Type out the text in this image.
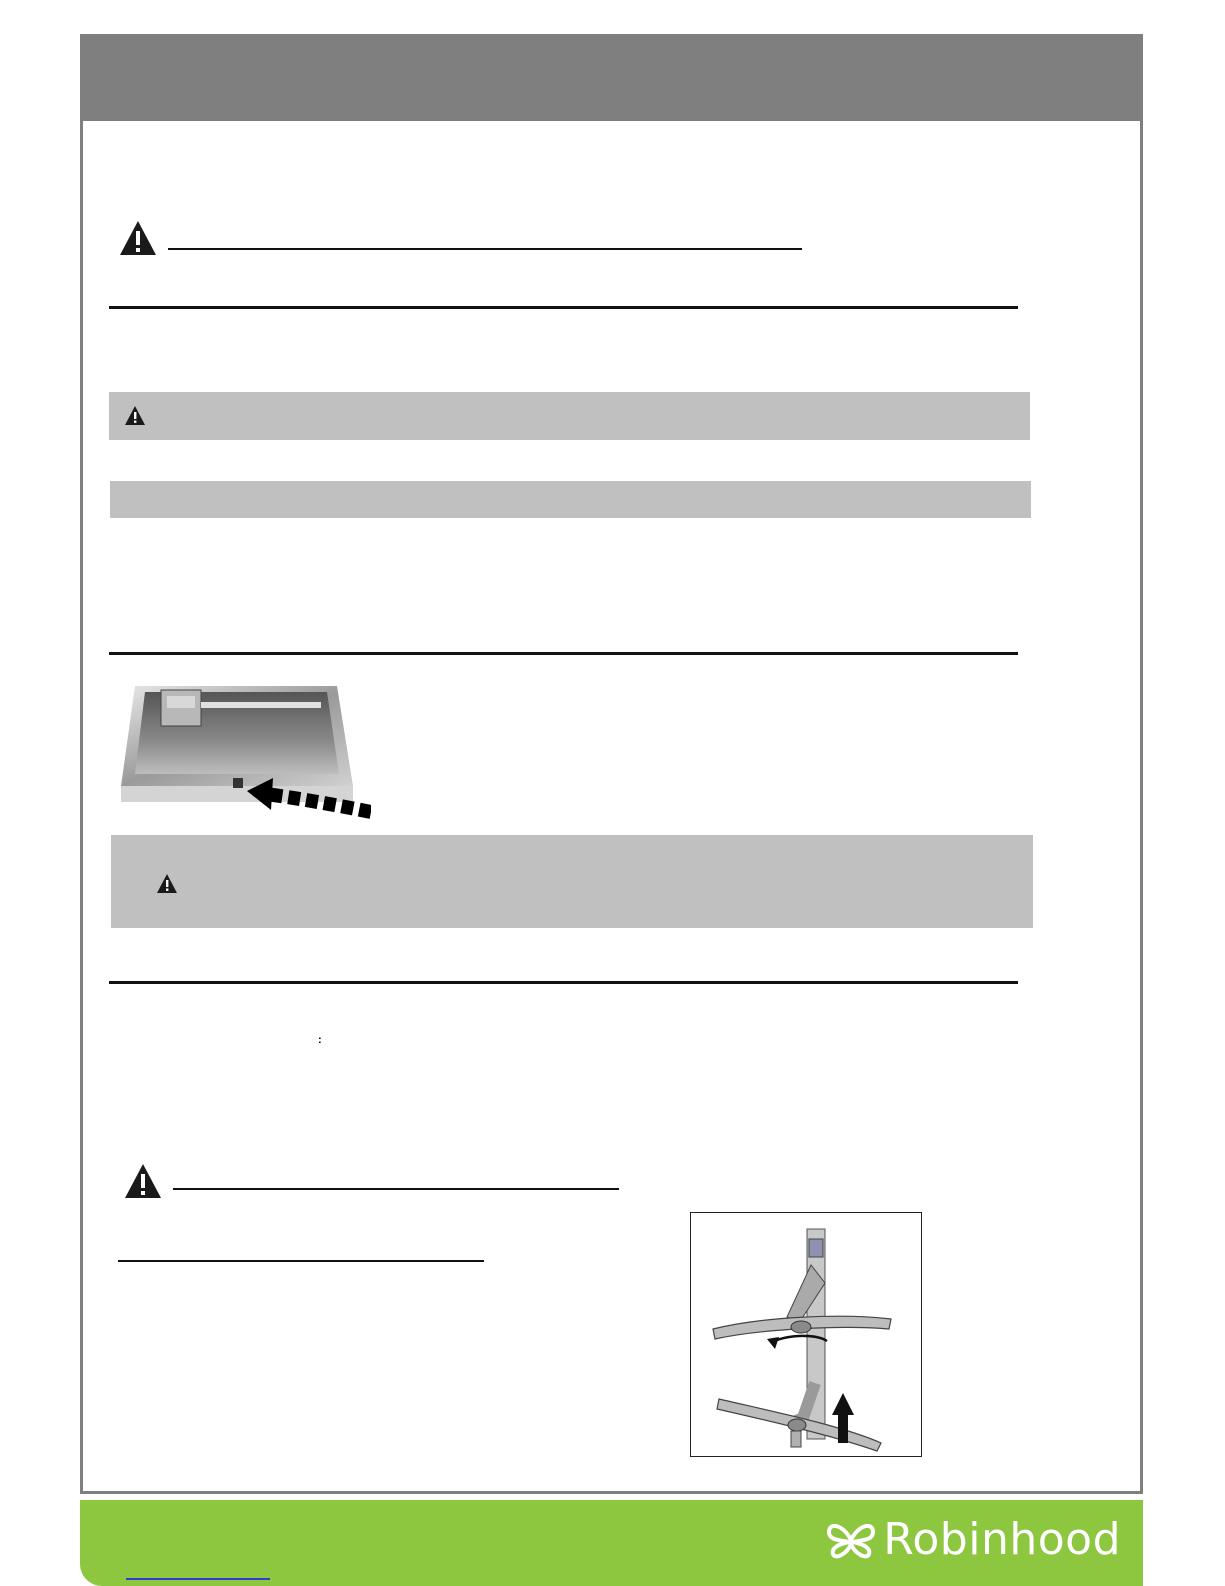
:
Robinhood
